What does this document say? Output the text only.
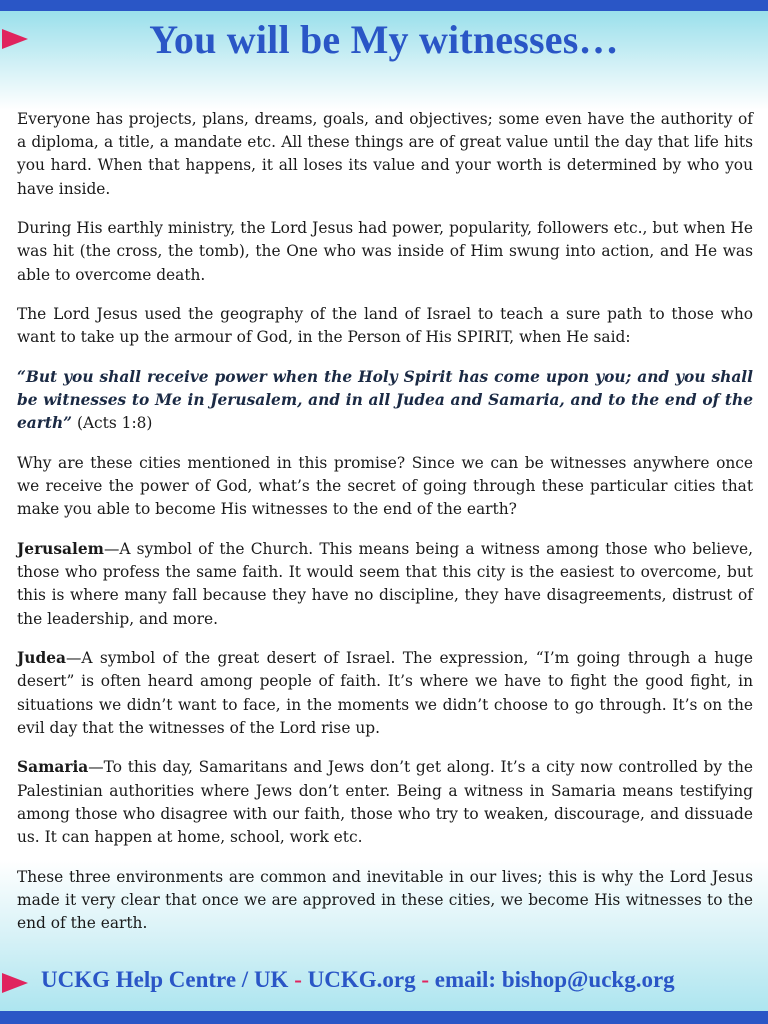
You will be My witnesses…

Everyone has projects, plans, dreams, goals, and objectives; some even have the authority of a diploma, a title, a mandate etc. All these things are of great value until the day that life hits you hard. When that happens, it all loses its value and your worth is determined by who you have inside.

During His earthly ministry, the Lord Jesus had power, popularity, followers etc., but when He was hit (the cross, the tomb), the One who was inside of Him swung into action, and He was able to overcome death.

The Lord Jesus used the geography of the land of Israel to teach a sure path to those who want to take up the armour of God, in the Person of His SPIRIT, when He said:

“But you shall receive power when the Holy Spirit has come upon you; and you shall be witnesses to Me in Jerusalem, and in all Judea and Samaria, and to the end of the earth” (Acts 1:8)

Why are these cities mentioned in this promise? Since we can be witnesses anywhere once we receive the power of God, what’s the secret of going through these particular cities that make you able to become His witnesses to the end of the earth?

Jerusalem—A symbol of the Church. This means being a witness among those who believe, those who profess the same faith. It would seem that this city is the easiest to overcome, but this is where many fall because they have no discipline, they have disagreements, distrust of the leadership, and more.

Judea—A symbol of the great desert of Israel. The expression, “I’m going through a huge desert” is often heard among people of faith. It’s where we have to fight the good fight, in situations we didn’t want to face, in the moments we didn’t choose to go through. It’s on the evil day that the witnesses of the Lord rise up.

Samaria—To this day, Samaritans and Jews don’t get along. It’s a city now controlled by the Palestinian authorities where Jews don’t enter. Being a witness in Samaria means testifying among those who disagree with our faith, those who try to weaken, discourage, and dissuade us. It can happen at home, school, work etc.

These three environments are common and inevitable in our lives; this is why the Lord Jesus made it very clear that once we are approved in these cities, we become His witnesses to the end of the earth.

UCKG Help Centre / UK - UCKG.org - email: bishop@uckg.org
